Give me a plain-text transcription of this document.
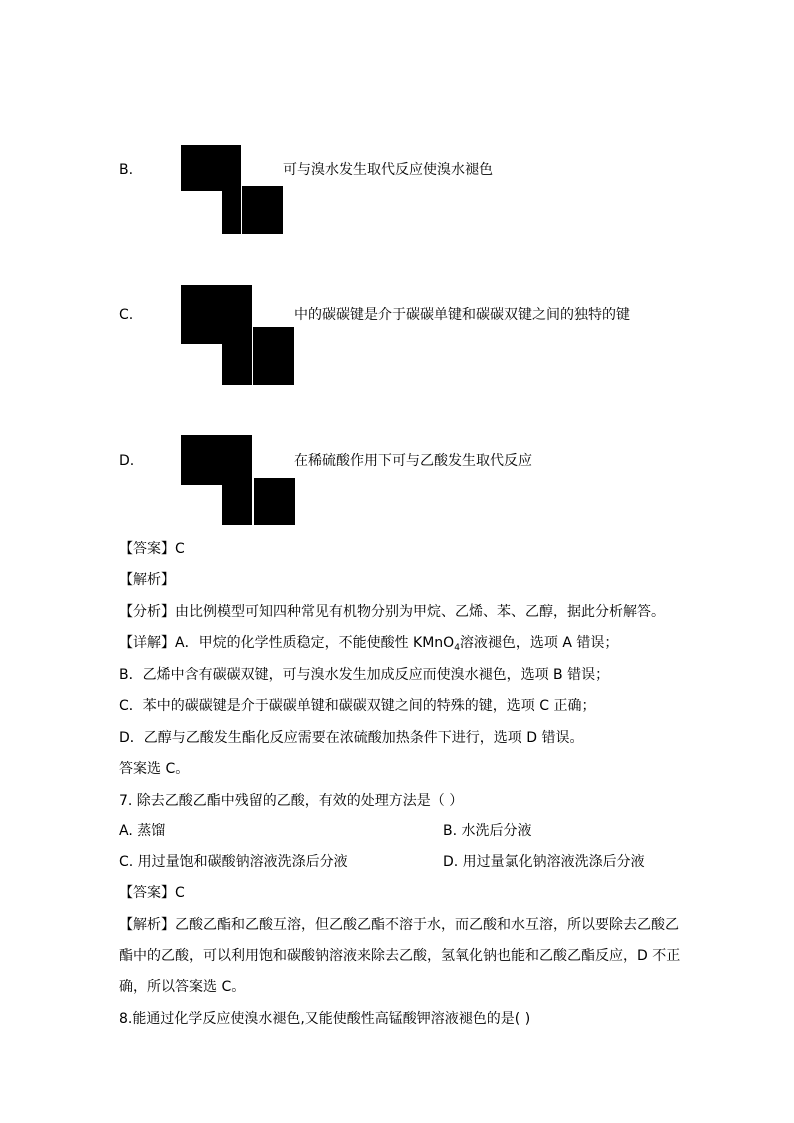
B.	可与溴水发生取代反应使溴水褪色
C.	中的碳碳键是介于碳碳单键和碳碳双键之间的独特的键
D.	在稀硫酸作用下可与乙酸发生取代反应
【答案】C
【解析】
【分析】由比例模型可知四种常见有机物分别为甲烷、乙烯、苯、乙醇，据此分析解答。
【详解】A．甲烷的化学性质稳定，不能使酸性 KMnO$_4$溶液褪色，选项 A 错误；
B．乙烯中含有碳碳双键，可与溴水发生加成反应而使溴水褪色，选项 B 错误；
C．苯中的碳碳键是介于碳碳单键和碳碳双键之间的特殊的键，选项 C 正确；
D．乙醇与乙酸发生酯化反应需要在浓硫酸加热条件下进行，选项 D 错误。
答案选 C。
7. 除去乙酸乙酯中残留的乙酸，有效的处理方法是（ ）
A. 蒸馏	B. 水洗后分液
C. 用过量饱和碳酸钠溶液洗涤后分液	D. 用过量氯化钠溶液洗涤后分液
【答案】C
【解析】乙酸乙酯和乙酸互溶，但乙酸乙酯不溶于水，而乙酸和水互溶，所以要除去乙酸乙
酯中的乙酸，可以利用饱和碳酸钠溶液来除去乙酸，氢氧化钠也能和乙酸乙酯反应，D 不正
确，所以答案选 C。
8.能通过化学反应使溴水褪色,又能使酸性高锰酸钾溶液褪色的是( )
